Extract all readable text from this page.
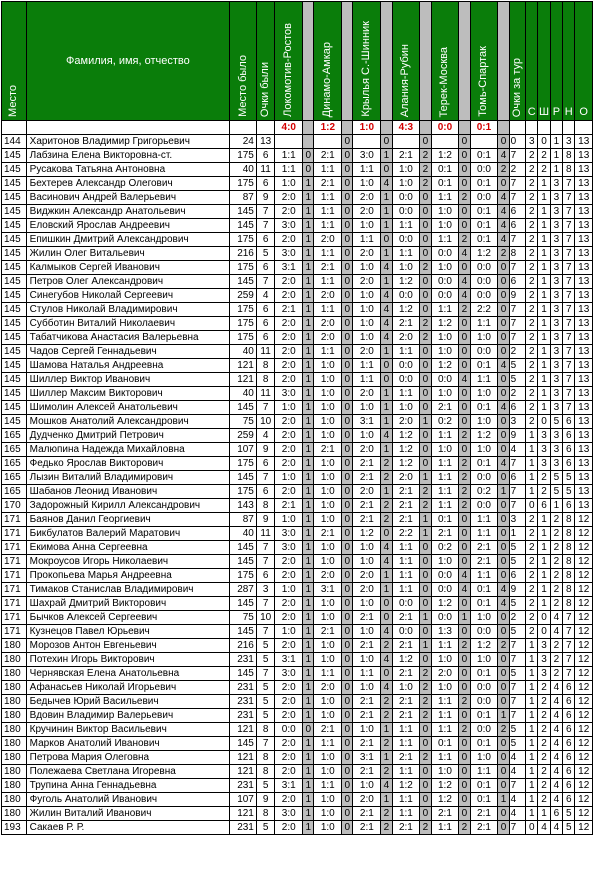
Место	Фамилия, имя, отчество	Место было	Очки были	Локомотив-Ростов		Динамо-Амкар		Крылья С.-Шинник		Алания-Рубин		Терек-Москва		Томь-Спартак		Очки за тур	С	Ш	Р	Н	О
				4:0		1:2		1:0		4:3		0:0		0:1							
144	Харитонов Владимир Григорьевич	24	13				0		0		0		0		0	0	3	0	1	3	13
145	Лабзина Елена Викторовна-ст.	175	6	1:1	0	2:1	0	3:0	1	2:1	2	1:2	0	0:1	4	7	2	2	1	8	13
145	Русакова Татьяна Антоновна	40	11	1:1	0	1:1	0	1:1	0	1:0	2	0:1	0	0:0	2	2	2	2	1	8	13
145	Бехтерев Александр Олегович	175	6	1:0	1	2:1	0	1:0	4	1:0	2	0:1	0	0:1	0	7	2	1	3	7	13
145	Васинович Андрей Валерьевич	87	9	2:0	1	1:1	0	2:0	1	0:0	0	1:1	2	0:0	4	7	2	1	3	7	13
145	Виджкин Александр Анатольевич	145	7	2:0	1	1:1	0	2:0	1	0:0	0	1:0	0	0:1	4	6	2	1	3	7	13
145	Еловский Ярослав Андреевич	145	7	3:0	1	1:1	0	1:0	1	1:1	0	1:0	0	0:1	4	6	2	1	3	7	13
145	Епишкин Дмитрий Александрович	175	6	2:0	1	2:0	0	1:1	0	0:0	0	1:1	2	0:1	4	7	2	1	3	7	13
145	Жилин Олег Витальевич	216	5	3:0	1	1:1	0	2:0	1	1:1	0	0:0	4	1:2	2	8	2	1	3	7	13
145	Калмыков Сергей Иванович	175	6	3:1	1	2:1	0	1:0	4	1:0	2	1:0	0	0:0	0	7	2	1	3	7	13
145	Петров Олег Александрович	145	7	2:0	1	1:1	0	2:0	1	1:2	0	0:0	4	0:0	0	6	2	1	3	7	13
145	Синегубов Николай Сергеевич	259	4	2:0	1	2:0	0	1:0	4	0:0	0	0:0	4	0:0	0	9	2	1	3	7	13
145	Стулов Николай Владимирович	175	6	2:1	1	1:1	0	1:0	4	1:2	0	1:1	2	2:2	0	7	2	1	3	7	13
145	Субботин Виталий Николаевич	175	6	2:0	1	2:0	0	1:0	4	2:1	2	1:2	0	1:1	0	7	2	1	3	7	13
145	Табатчикова Анастасия Валерьевна	175	6	2:0	1	2:0	0	1:0	4	2:0	2	1:0	0	1:0	0	7	2	1	3	7	13
145	Чадов Сергей Геннадьевич	40	11	2:0	1	1:1	0	2:0	1	1:1	0	1:0	0	0:0	0	2	2	1	3	7	13
145	Шамова Наталья Андреевна	121	8	2:0	1	1:0	0	1:1	0	0:0	0	1:2	0	0:1	4	5	2	1	3	7	13
145	Шиллер Виктор Иванович	121	8	2:0	1	1:0	0	1:1	0	0:0	0	0:0	4	1:1	0	5	2	1	3	7	13
145	Шиллер Максим Викторович	40	11	3:0	1	1:0	0	2:0	1	1:1	0	1:0	0	1:0	0	2	2	1	3	7	13
145	Шимолин Алексей Анатольевич	145	7	1:0	1	1:0	0	1:0	1	1:0	0	2:1	0	0:1	4	6	2	1	3	7	13
145	Мошков Анатолий Александрович	75	10	2:0	1	1:0	0	3:1	1	2:0	1	0:2	0	1:0	0	3	2	0	5	6	13
165	Дудченко Дмитрий Петрович	259	4	2:0	1	1:0	0	1:0	4	1:2	0	1:1	2	1:2	0	9	1	3	3	6	13
165	Малюпина Надежда Михайловна	107	9	2:0	1	2:1	0	2:0	1	1:2	0	1:0	0	1:0	0	4	1	3	3	6	13
165	Федько Ярослав Викторович	175	6	2:0	1	1:0	0	2:1	2	1:2	0	1:1	2	0:1	4	7	1	3	3	6	13
165	Лызин Виталий Владимирович	145	7	1:0	1	1:0	0	2:1	2	2:0	1	1:1	2	0:0	0	6	1	2	5	5	13
165	Шабанов Леонид Иванович	175	6	2:0	1	1:0	0	2:0	1	2:1	2	1:1	2	0:2	1	7	1	2	5	5	13
170	Задорожный Кирилл Александрович	143	8	2:1	1	1:0	0	2:1	2	2:1	2	1:1	2	0:0	0	7	0	6	1	6	13
171	Баянов Данил Георгиевич	87	9	1:0	1	1:0	0	2:1	2	2:1	1	0:1	0	1:1	0	3	2	1	2	8	12
171	Бикбулатов Валерий Маратович	40	11	3:0	1	2:1	0	1:2	0	2:2	1	2:1	0	1:1	0	1	2	1	2	8	12
171	Екимова Анна Сергеевна	145	7	3:0	1	1:0	0	1:0	4	1:1	0	0:2	0	2:1	0	5	2	1	2	8	12
171	Мокроусов Игорь Николаевич	145	7	2:0	1	1:0	0	1:0	4	1:1	0	1:0	0	2:1	0	5	2	1	2	8	12
171	Прокопьева Марья Андреевна	175	6	2:0	1	2:0	0	2:0	1	1:1	0	0:0	4	1:1	0	6	2	1	2	8	12
171	Тимаков Станислав Владимирович	287	3	1:0	1	3:1	0	2:0	1	1:1	0	0:0	4	0:1	4	9	2	1	2	8	12
171	Шахрай Дмитрий Викторович	145	7	2:0	1	1:0	0	1:0	0	0:0	0	1:2	0	0:1	4	5	2	1	2	8	12
171	Бычков Алексей Сергеевич	75	10	2:0	1	1:0	0	2:1	0	2:1	1	0:0	1	1:0	0	2	2	0	4	7	12
171	Кузнецов Павел Юрьевич	145	7	1:0	1	2:1	0	1:0	4	0:0	0	1:3	0	0:0	0	5	2	0	4	7	12
180	Морозов Антон Евгеньевич	216	5	2:0	1	1:0	0	2:1	2	2:1	1	1:1	2	1:2	2	7	1	3	2	7	12
180	Потехин Игорь Викторович	231	5	3:1	1	1:0	0	1:0	4	1:2	0	1:0	0	1:0	0	7	1	3	2	7	12
180	Чернявская Елена Анатольевна	145	7	3:0	1	1:1	0	1:1	0	2:1	2	2:0	0	0:1	0	5	1	3	2	7	12
180	Афанасьев Николай Игорьевич	231	5	2:0	1	2:0	0	1:0	4	1:0	2	1:0	0	0:0	0	7	1	2	4	6	12
180	Бедычев Юрий Васильевич	231	5	2:0	1	1:0	0	2:1	2	2:1	2	1:1	2	0:0	0	7	1	2	4	6	12
180	Вдовин Владимир Валерьевич	231	5	2:0	1	1:0	0	2:1	2	2:1	2	1:1	0	0:1	1	7	1	2	4	6	12
180	Кручинин Виктор Васильевич	121	8	0:0	0	2:1	0	1:0	1	1:1	0	1:1	2	0:0	2	5	1	2	4	6	12
180	Марков Анатолий Иванович	145	7	2:0	1	1:1	0	2:1	2	1:1	0	0:1	0	0:1	0	5	1	2	4	6	12
180	Петрова Мария Олеговна	121	8	2:0	1	1:0	0	3:1	1	2:1	2	1:1	0	1:0	0	4	1	2	4	6	12
180	Полежаева Светлана Игоревна	121	8	2:0	1	1:0	0	2:1	2	1:1	0	1:0	0	1:1	0	4	1	2	4	6	12
180	Трупина Анна Геннадьевна	231	5	3:1	1	1:1	0	1:0	4	1:2	0	1:2	0	0:1	0	7	1	2	4	6	12
180	Фуголь Анатолий Иванович	107	9	2:0	1	1:0	0	2:0	1	1:1	0	1:2	0	0:1	1	4	1	2	4	6	12
180	Жилин Виталий Иванович	121	8	3:0	1	1:0	0	2:1	2	1:1	0	2:1	0	2:1	0	4	1	1	6	5	12
193	Сакаев Р. Р.	231	5	2:0	1	1:0	0	2:1	2	2:1	2	1:1	2	2:1	0	7	0	4	4	5	12
